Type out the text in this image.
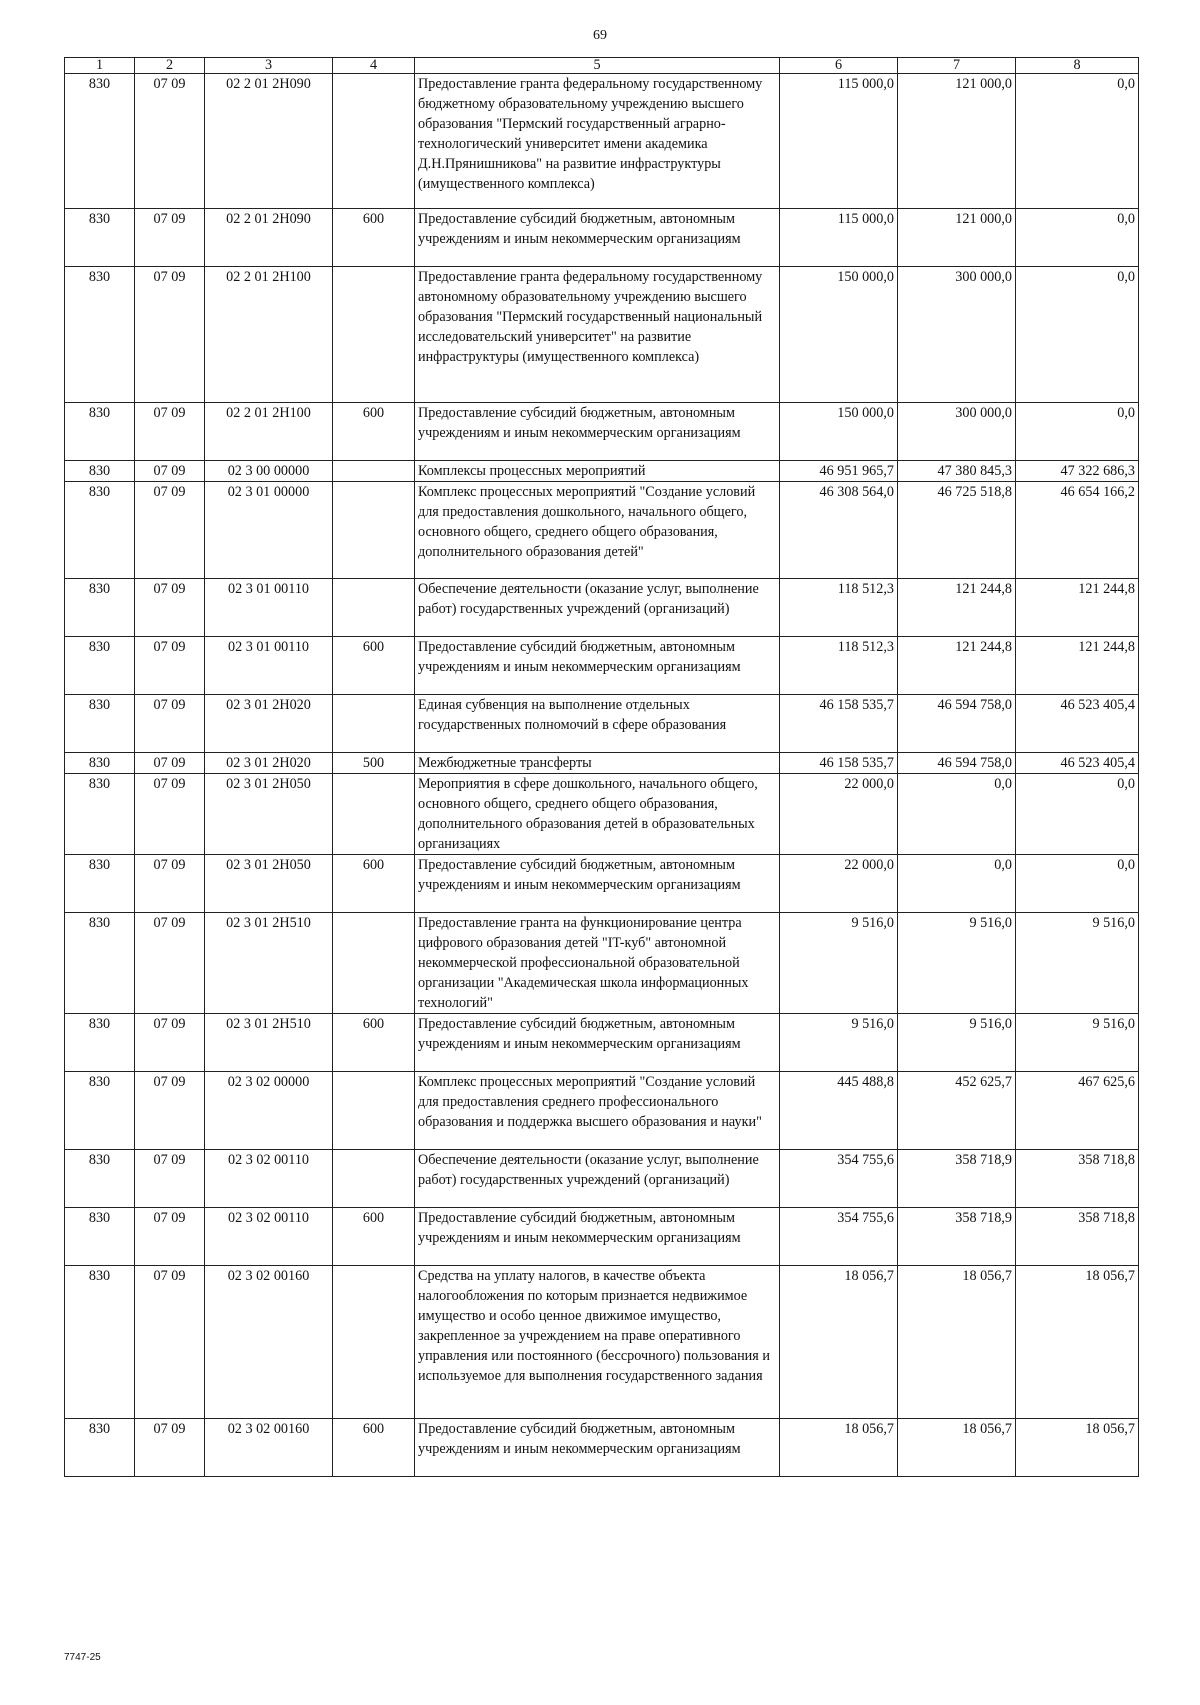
69
1	2	3	4	5	6	7	8
830	07 09	02 2 01 2Н090		Предоставление гранта федеральному государственному бюджетному образовательному учреждению высшего образования "Пермский государственный аграрно-технологический университет имени академика Д.Н.Прянишникова" на развитие инфраструктуры (имущественного комплекса)	115 000,0	121 000,0	0,0
830	07 09	02 2 01 2Н090	600	Предоставление субсидий бюджетным, автономным учреждениям и иным некоммерческим организациям	115 000,0	121 000,0	0,0
830	07 09	02 2 01 2Н100		Предоставление гранта федеральному государственному автономному образовательному учреждению высшего образования "Пермский государственный национальный исследовательский университет" на развитие инфраструктуры (имущественного комплекса)	150 000,0	300 000,0	0,0
830	07 09	02 2 01 2Н100	600	Предоставление субсидий бюджетным, автономным учреждениям и иным некоммерческим организациям	150 000,0	300 000,0	0,0
830	07 09	02 3 00 00000		Комплексы процессных мероприятий	46 951 965,7	47 380 845,3	47 322 686,3
830	07 09	02 3 01 00000		Комплекс процессных мероприятий "Создание условий для предоставления дошкольного, начального общего, основного общего, среднего общего образования, дополнительного образования детей"	46 308 564,0	46 725 518,8	46 654 166,2
830	07 09	02 3 01 00110		Обеспечение деятельности (оказание услуг, выполнение работ) государственных учреждений (организаций)	118 512,3	121 244,8	121 244,8
830	07 09	02 3 01 00110	600	Предоставление субсидий бюджетным, автономным учреждениям и иным некоммерческим организациям	118 512,3	121 244,8	121 244,8
830	07 09	02 3 01 2Н020		Единая субвенция на выполнение отдельных государственных полномочий в сфере образования	46 158 535,7	46 594 758,0	46 523 405,4
830	07 09	02 3 01 2Н020	500	Межбюджетные трансферты	46 158 535,7	46 594 758,0	46 523 405,4
830	07 09	02 3 01 2Н050		Мероприятия в сфере дошкольного, начального общего, основного общего, среднего общего образования, дополнительного образования детей в образовательных организациях	22 000,0	0,0	0,0
830	07 09	02 3 01 2Н050	600	Предоставление субсидий бюджетным, автономным учреждениям и иным некоммерческим организациям	22 000,0	0,0	0,0
830	07 09	02 3 01 2Н510		Предоставление гранта на функционирование центра цифрового образования детей "IT-куб" автономной некоммерческой профессиональной образовательной организации "Академическая школа информационных технологий"	9 516,0	9 516,0	9 516,0
830	07 09	02 3 01 2Н510	600	Предоставление субсидий бюджетным, автономным учреждениям и иным некоммерческим организациям	9 516,0	9 516,0	9 516,0
830	07 09	02 3 02 00000		Комплекс процессных мероприятий "Создание условий для предоставления среднего профессионального образования и поддержка высшего образования и науки"	445 488,8	452 625,7	467 625,6
830	07 09	02 3 02 00110		Обеспечение деятельности (оказание услуг, выполнение работ) государственных учреждений (организаций)	354 755,6	358 718,9	358 718,8
830	07 09	02 3 02 00110	600	Предоставление субсидий бюджетным, автономным учреждениям и иным некоммерческим организациям	354 755,6	358 718,9	358 718,8
830	07 09	02 3 02 00160		Средства на уплату налогов, в качестве объекта налогообложения по которым признается недвижимое имущество и особо ценное движимое имущество, закрепленное за учреждением на праве оперативного управления или постоянного (бессрочного) пользования и используемое для выполнения государственного задания	18 056,7	18 056,7	18 056,7
830	07 09	02 3 02 00160	600	Предоставление субсидий бюджетным, автономным учреждениям и иным некоммерческим организациям	18 056,7	18 056,7	18 056,7
7747-25
